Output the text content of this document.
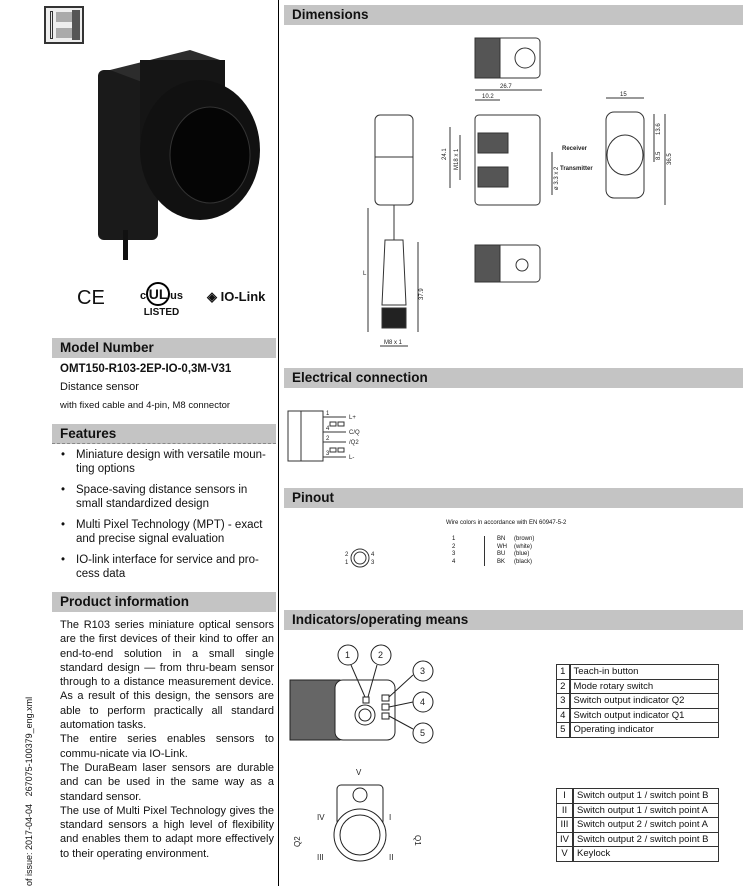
CE	c UL us
LISTED
◈ IO-Link
Model Number
OMT150-R103-2EP-IO-0,3M-V31
Distance sensor
with fixed cable and 4-pin, M8 connector
Features
• Miniature design with versatile moun-ting options
• Space-saving distance sensors in small standardized design
• Multi Pixel Technology (MPT) - exact and precise signal evaluation
• IO-link interface for service and pro-cess data
Product information

The R103 series miniature optical sensors are the first devices of their kind to offer an end-to-end solution in a small single standard design — from thru-beam sensor through to a distance measurement device. As a result of this design, the sensors are able to perform practically all standard automation tasks.

The entire series enables sensors to commu-nicate via IO-Link.

The DuraBeam laser sensors are durable and can be used in the same way as a standard sensor.

The use of Multi Pixel Technology gives the standard sensors a high level of flexibility and enables them to adapt more effectively to their operating environment.

of issue: 2017-04-04   267075-100379_eng.xml
Dimensions
26.7
10.2
24.1 M18 x 1
ø 3.3 x 2
15
13.6
8.5 36.5
Receiver
Transmitter
L
37.9
M8 x 1
Electrical connection
1
L+
4
C/Q
2
/Q2
3
L-
Pinout
2	4
1	3
Wire colors in accordance with EN 60947-5-2
1	BN	(brown)
2	WH	(white)
3	BU	(blue)
4	BK	(black)
Indicators/operating means
1	2
3
4
5
V
IV	I
III	II
Q2	Q1
1	Teach-in button
2	Mode rotary switch
3	Switch output indicator Q2
4	Switch output indicator Q1
5	Operating indicator
I	Switch output 1 / switch point B
II	Switch output 1 / switch point A
III	Switch output 2 / switch point A
IV	Switch output 2 / switch point B
V	Keylock
